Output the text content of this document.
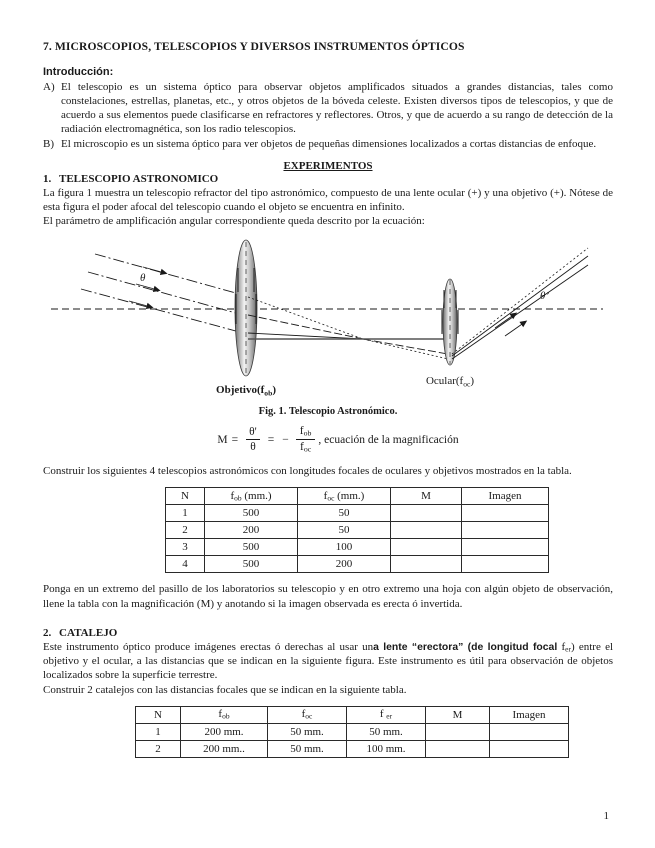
7. MICROSCOPIOS, TELESCOPIOS Y DIVERSOS INSTRUMENTOS ÓPTICOS
Introducción:
A) El telescopio es un sistema óptico para observar objetos amplificados situados a grandes distancias, tales como constelaciones, estrellas, planetas, etc., y otros objetos de la bóveda celeste. Existen diversos tipos de telescopios, y que de acuerdo a sus elementos puede clasificarse en refractores y reflectores. Otros, y que de acuerdo a su rango de detección de la radiación electromagnética, son los radio telescopios.
B) El microscopio es un sistema óptico para ver objetos de pequeñas dimensiones localizados a cortas distancias de enfoque.
EXPERIMENTOS
1. TELESCOPIO ASTRONOMICO

La figura 1 muestra un telescopio refractor del tipo astronómico, compuesto de una lente ocular (+) y una objetivo (+). Nótese de esta figura el poder afocal del telescopio cuando el objeto se encuentra en infinito.

El parámetro de amplificación angular correspondiente queda descrito por la ecuación:

θ
θ’
$Objetivo(f_{ob})$
$Ocular(f_{oc})$
Fig. 1. Telescopio Astronómico.
$M = \frac{\theta'}{\theta}$ = − $\frac{f_{ob}}{f_{oc}}$ , ecuación de la magnificación

Construir los siguientes 4 telescopios astronómicos con longitudes focales de oculares y objetivos mostrados en la tabla.

N	$f_{ob}$ (mm.)	$f_{oc}$ (mm.)	M	Imagen
1	500	50		
2	200	50		
3	500	100		
4	500	200		

Ponga en un extremo del pasillo de los laboratorios su telescopio y en otro extremo una hoja con algún objeto de observación, llene la tabla con la magnificación (M) y anotando si la imagen observada es erecta ó invertida.

2. CATALEJO

Este instrumento óptico produce imágenes erectas ó derechas al usar una lente “erectora” (de longitud focal $f_{er}$) entre el objetivo y el ocular, a las distancias que se indican en la siguiente figura. Este instrumento es útil para observación de objetos localizados sobre la superficie terrestre.

Construir 2 catalejos con las distancias focales que se indican en la siguiente tabla.

N	$f_{ob}$	$f_{oc}$	f $_{er}$	M	Imagen
1	200 mm.	50 mm.	50 mm.		
2	200 mm..	50 mm.	100 mm.		
1
